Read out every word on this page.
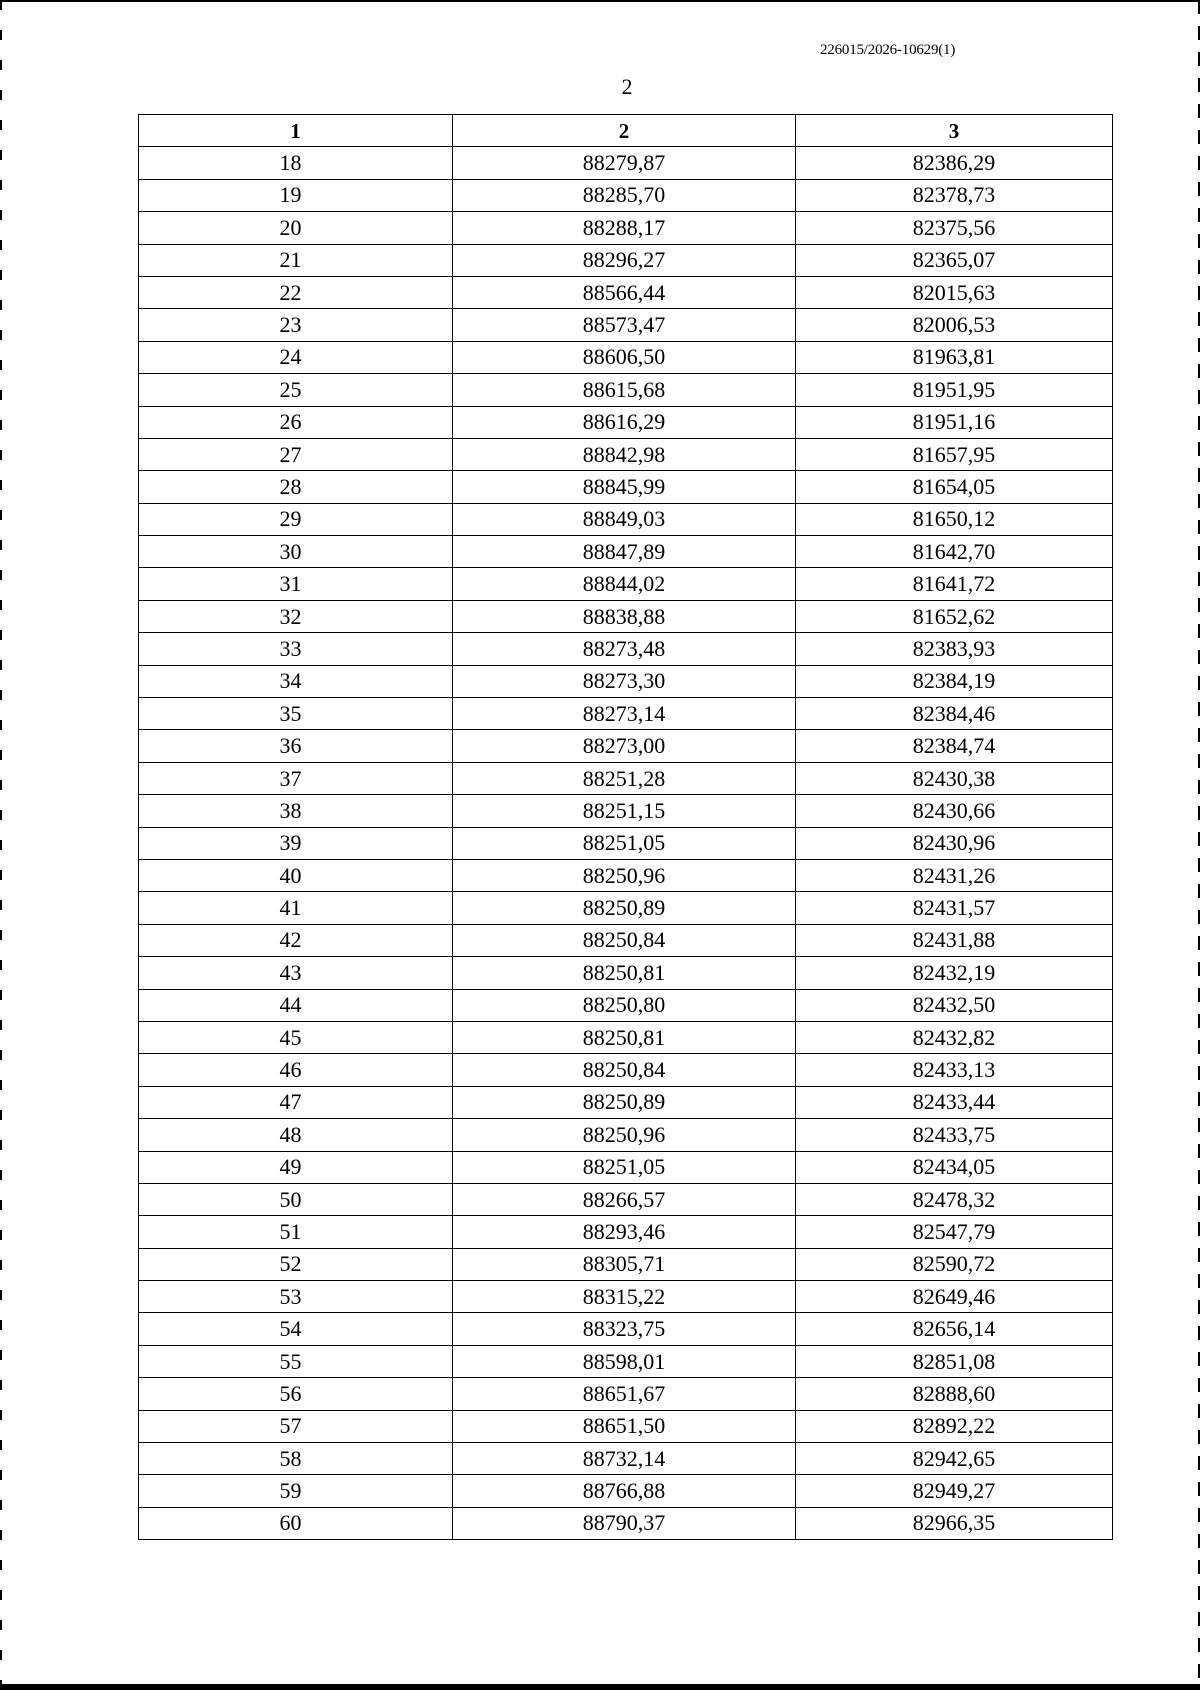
226015/2026-10629(1)
2
1	2	3
18	88279,87	82386,29
19	88285,70	82378,73
20	88288,17	82375,56
21	88296,27	82365,07
22	88566,44	82015,63
23	88573,47	82006,53
24	88606,50	81963,81
25	88615,68	81951,95
26	88616,29	81951,16
27	88842,98	81657,95
28	88845,99	81654,05
29	88849,03	81650,12
30	88847,89	81642,70
31	88844,02	81641,72
32	88838,88	81652,62
33	88273,48	82383,93
34	88273,30	82384,19
35	88273,14	82384,46
36	88273,00	82384,74
37	88251,28	82430,38
38	88251,15	82430,66
39	88251,05	82430,96
40	88250,96	82431,26
41	88250,89	82431,57
42	88250,84	82431,88
43	88250,81	82432,19
44	88250,80	82432,50
45	88250,81	82432,82
46	88250,84	82433,13
47	88250,89	82433,44
48	88250,96	82433,75
49	88251,05	82434,05
50	88266,57	82478,32
51	88293,46	82547,79
52	88305,71	82590,72
53	88315,22	82649,46
54	88323,75	82656,14
55	88598,01	82851,08
56	88651,67	82888,60
57	88651,50	82892,22
58	88732,14	82942,65
59	88766,88	82949,27
60	88790,37	82966,35
